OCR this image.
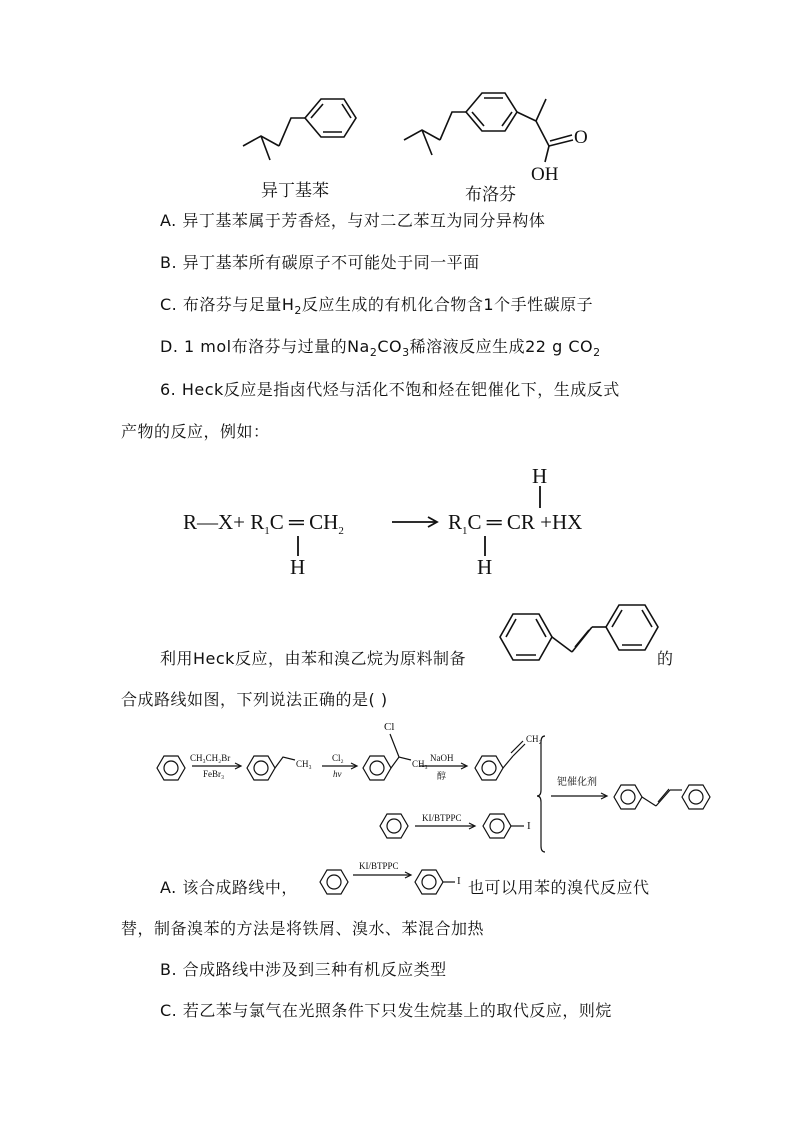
异丁基苯
O
OH
布洛芬
A. 异丁基苯属于芳香烃，与对二乙苯互为同分异构体
B. 异丁基苯所有碳原子不可能处于同一平面
C. 布洛芬与足量$H_2$反应生成的有机化合物含1个手性碳原子
D. 1 mol布洛芬与过量的$Na_2CO_3$稀溶液反应生成22 g $CO_2$
6. Heck反应是指卤代烃与活化不饱和烃在钯催化下，生成反式
产物的反应，例如：
R—X+ $R_1C$ ═ $CH_2$	$R_1C$ ═ CR +HX
H	H
H
利用Heck反应，由苯和溴乙烷为原料制备	的
合成路线如图，下列说法正确的是( )
CH₃CH₂Br
FeBr₃
CH₃
Cl₂
hν
Cl
CH₃
NaOH
醇
CH₂
钯催化剂
KI/BTPPC
I
A. 该合成路线中，
KI/BTPPC
I 也可以用苯的溴代反应代
替，制备溴苯的方法是将铁屑、溴水、苯混合加热
B. 合成路线中涉及到三种有机反应类型
C. 若乙苯与氯气在光照条件下只发生烷基上的取代反应，则烷
